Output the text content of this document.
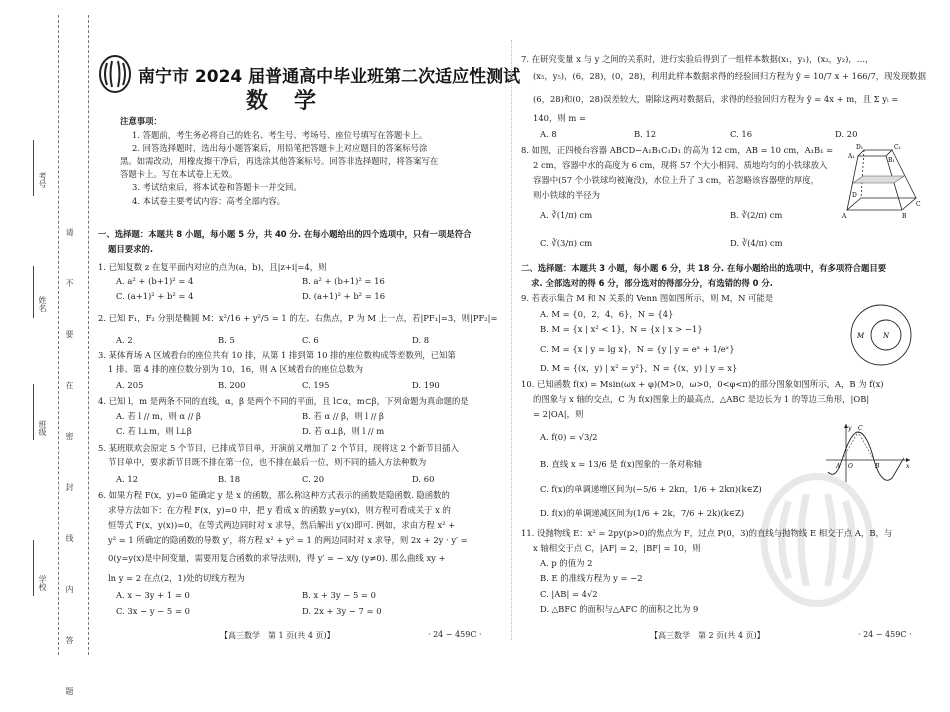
考号
姓名
班级
学校 请 不 要 在 密 封 线 内 答 题
南宁市 2024 届普通高中毕业班第二次适应性测试
数学
注意事项：
1. 答题前，考生务必将自己的姓名、考生号、考场号、座位号填写在答题卡上。
2. 回答选择题时，选出每小题答案后，用铅笔把答题卡上对应题目的答案标号涂
黑。如需改动，用橡皮擦干净后，再选涂其他答案标号。回答非选择题时，将答案写在
答题卡上。写在本试卷上无效。
3. 考试结束后，将本试卷和答题卡一并交回。
4. 本试卷主要考试内容：高考全部内容。
一、选择题：本题共 8 小题，每小题 5 分，共 40 分. 在每小题给出的四个选项中，只有一项是符合
题目要求的.
1. 已知复数 z 在复平面内对应的点为(a，b)，且|z+i|=4，则
A. a² + (b+1)² = 4	B. a² + (b+1)² = 16
C. (a+1)² + b² = 4	D. (a+1)² + b² = 16
2. 已知 F₁，F₂ 分别是椭圆 M：x²/16 + y²/5 = 1 的左、右焦点，P 为 M 上一点，若|PF₁|=3，则|PF₂|=
A. 2	B. 5	C. 6	D. 8
3. 某体育场 A 区域看台的座位共有 10 排，从第 1 排到第 10 排的座位数构成等差数列，已知第
1 排、第 4 排的座位数分别为 10，16，则 A 区域看台的座位总数为
A. 205	B. 200	C. 195	D. 190
4. 已知 l，m 是两条不同的直线，α，β 是两个不同的平面，且 l⊂α，m⊂β，下列命题为真命题的是
A. 若 l // m，则 α // β	B. 若 α // β，则 l // β
C. 若 l⊥m，则 l⊥β	D. 若 α⊥β，则 l // m
5. 某班联欢会原定 5 个节目，已排成节目单，开演前又增加了 2 个节目，现将这 2 个新节目插入
节目单中，要求新节目既不排在第一位，也不排在最后一位，则不同的插入方法种数为
A. 12	B. 18	C. 20	D. 60
6. 如果方程 F(x，y)=0 能确定 y 是 x 的函数，那么称这种方式表示的函数是隐函数. 隐函数的
求导方法如下：在方程 F(x，y)=0 中，把 y 看成 x 的函数 y=y(x)，则方程可看成关于 x 的
恒等式 F(x，y(x))=0，在等式两边同时对 x 求导，然后解出 y′(x)即可. 例如，求由方程 x² +
y² = 1 所确定的隐函数的导数 y′，将方程 x² + y² = 1 的两边同时对 x 求导，则 2x + 2y · y′ =
0(y=y(x)是中间变量，需要用复合函数的求导法则)，得 y′ = − x/y (y≠0). 那么曲线 xy +
ln y = 2 在点(2，1)处的切线方程为
A. x − 3y + 1 = 0	B. x + 3y − 5 = 0
C. 3x − y − 5 = 0	D. 2x + 3y − 7 = 0
【高三数学　第 1 页(共 4 页)】	· 24 − 459C ·
7. 在研究变量 x 与 y 之间的关系时，进行实验后得到了一组样本数据(x₁，y₁)，(x₂，y₂)，…，
(x₅，y₅)，(6，28)，(0，28)，利用此样本数据求得的经验回归方程为 ŷ = 10/7 x + 166/7，现发现数据
(6，28)和(0，28)误差较大，剔除这两对数据后，求得的经验回归方程为 ŷ = 4x + m，且 Σ yᵢ =
140，则 m =
A. 8	B. 12	C. 16	D. 20
8. 如图，正四棱台容器 ABCD−A₁B₁C₁D₁ 的高为 12 cm，AB = 10 cm，A₁B₁ =
2 cm，容器中水的高度为 6 cm，现将 57 个大小相同、质地均匀的小铁球放入
容器中(57 个小铁球均被淹没)，水位上升了 3 cm，若忽略该容器壁的厚度，
则小铁球的半径为
A. ∛(1/π) cm	B. ∛(2/π) cm
C. ∛(3/π) cm	D. ∛(4/π) cm
D₁	C₁
A₁
B₁
D
C
A	B
二、选择题：本题共 3 小题，每小题 6 分，共 18 分. 在每小题给出的选项中，有多项符合题目要
求. 全部选对的得 6 分，部分选对的得部分分，有选错的得 0 分.
9. 若表示集合 M 和 N 关系的 Venn 图如图所示，则 M，N 可能是
A. M = {0，2，4，6}，N = {4}
B. M = {x | x² < 1}，N = {x | x > −1}
C. M = {x | y = lg x}，N = {y | y = eˣ + 1/eˣ}
D. M = {(x，y) | x² = y²}，N = {(x，y) | y = x}
M	N
10. 已知函数 f(x) = Msin(ωx + φ)(M>0，ω>0，0<φ<π)的部分图象如图所示，A，B 为 f(x)
的图象与 x 轴的交点，C 为 f(x)图象上的最高点，△ABC 是边长为 1 的等边三角形，|OB|
= 2|OA|，则
A. f(0) = √3/2
B. 直线 x = 13/6 是 f(x)图象的一条对称轴
C. f(x)的单调递增区间为(−5/6 + 2kπ，1/6 + 2kπ)(k∈Z)
D. f(x)的单调递减区间为(1/6 + 2k，7/6 + 2k)(k∈Z)
y C
A O	B	x
11. 设抛物线 E：x² = 2py(p>0)的焦点为 F，过点 P(0，3)的直线与抛物线 E 相交于点 A，B，与
x 轴相交于点 C，|AF| = 2，|BF| = 10，则
A. p 的值为 2
B. E 的准线方程为 y = −2
C. |AB| = 4√2
D. △BFC 的面积与△AFC 的面积之比为 9
【高三数学　第 2 页(共 4 页)】	· 24 − 459C ·
